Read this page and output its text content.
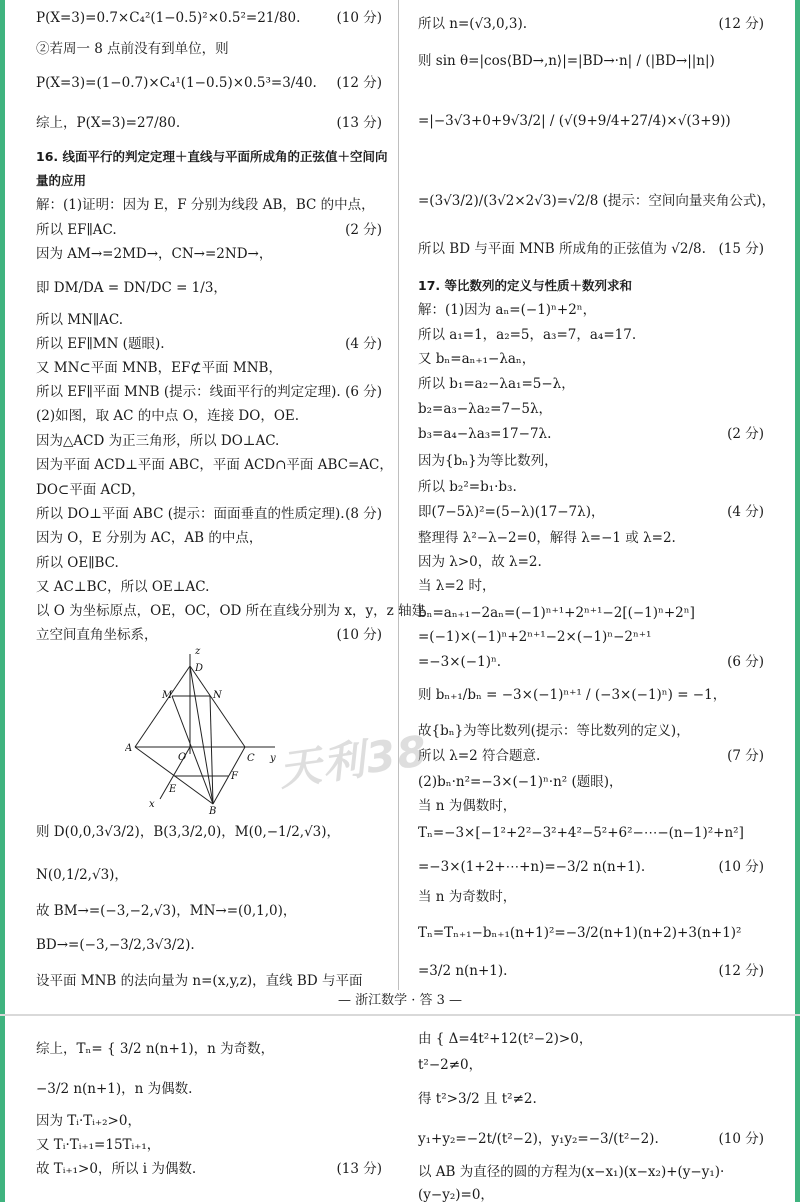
P(X=3)=0.7×C₄²(1−0.5)²×0.5²=21/80.	(10 分)
②若周一 8 点前没有到单位，则
P(X=3)=(1−0.7)×C₄¹(1−0.5)×0.5³=3/40. (12 分)
综上，P(X=3)=27/80.	(13 分)
16. 线面平行的判定定理＋直线与平面所成角的正弦值＋空间向
量的应用
解：(1)证明：因为 E，F 分别为线段 AB，BC 的中点，
所以 EF∥AC.	(2 分)
因为 AM→=2MD→，CN→=2ND→，
即 DM/DA = DN/DC = 1/3，
所以 MN∥AC.
所以 EF∥MN (题眼).	(4 分)
又 MN⊂平面 MNB，EF⊄平面 MNB，
所以 EF∥平面 MNB (提示：线面平行的判定定理). (6 分)
(2)如图，取 AC 的中点 O，连接 DO，OE.
因为△ACD 为正三角形，所以 DO⊥AC.
因为平面 ACD⊥平面 ABC，平面 ACD∩平面 ABC=AC，
DO⊂平面 ACD，
所以 DO⊥平面 ABC (提示：面面垂直的性质定理). (8 分)
因为 O，E 分别为 AC，AB 的中点，
所以 OE∥BC.
又 AC⊥BC，所以 OE⊥AC.
以 O 为坐标原点，OE，OC，OD 所在直线分别为 x，y，z 轴建
立空间直角坐标系，	(10 分)
则 D(0,0,3√3/2)，B(3,3/2,0)，M(0,−1/2,√3)，
N(0,1/2,√3)，
故 BM→=(−3,−2,√3)，MN→=(0,1,0)，
BD→=(−3,−3/2,3√3/2).
设平面 MNB 的法向量为 n=(x,y,z)，直线 BD 与平面
所以 n=(√3,0,3).	(12 分)
则 sin θ=|cos⟨BD→,n⟩|=|BD→·n| / (|BD→||n|)
=|−3√3+0+9√3/2| / (√(9+9/4+27/4)×√(3+9))
=(3√3/2)/(3√2×2√3)=√2/8 (提示：空间向量夹角公式)，
所以 BD 与平面 MNB 所成角的正弦值为 √2/8. (15 分)
17. 等比数列的定义与性质＋数列求和
解：(1)因为 aₙ=(−1)ⁿ+2ⁿ，
所以 a₁=1，a₂=5，a₃=7，a₄=17.
又 bₙ=aₙ₊₁−λaₙ，
所以 b₁=a₂−λa₁=5−λ，
b₂=a₃−λa₂=7−5λ，
b₃=a₄−λa₃=17−7λ.	(2 分)
因为{bₙ}为等比数列，
所以 b₂²=b₁·b₃.
即(7−5λ)²=(5−λ)(17−7λ)，	(4 分)
整理得 λ²−λ−2=0，解得 λ=−1 或 λ=2.
因为 λ>0，故 λ=2.
当 λ=2 时，
bₙ=aₙ₊₁−2aₙ=(−1)ⁿ⁺¹+2ⁿ⁺¹−2[(−1)ⁿ+2ⁿ]
=(−1)×(−1)ⁿ+2ⁿ⁺¹−2×(−1)ⁿ−2ⁿ⁺¹
=−3×(−1)ⁿ.	(6 分)
则 bₙ₊₁/bₙ = −3×(−1)ⁿ⁺¹ / (−3×(−1)ⁿ) = −1，
故{bₙ}为等比数列(提示：等比数列的定义)，
所以 λ=2 符合题意.	(7 分)
(2)bₙ·n²=−3×(−1)ⁿ·n² (题眼)，
当 n 为偶数时，
Tₙ=−3×[−1²+2²−3²+4²−5²+6²−⋯−(n−1)²+n²]
=−3×(1+2+⋯+n)=−3/2 n(n+1).	(10 分)
当 n 为奇数时，
Tₙ=Tₙ₊₁−bₙ₊₁(n+1)²=−3/2(n+1)(n+2)+3(n+1)²
=3/2 n(n+1).	(12 分)
z
D
M	N
A
O	C y
E
F
x
B
天利38
— 浙江数学 · 答 3 —
综上，Tₙ= { 3/2 n(n+1)，n 为奇数，
−3/2 n(n+1)，n 为偶数.
因为 Tᵢ·Tᵢ₊₂>0，
又 Tᵢ·Tᵢ₊₁=15Tᵢ₊₁，
故 Tᵢ₊₁>0，所以 i 为偶数.	(13 分)
由 { Δ=4t²+12(t²−2)>0，
t²−2≠0，
得 t²>3/2 且 t²≠2.
y₁+y₂=−2t/(t²−2)，y₁y₂=−3/(t²−2).	(10 分)
以 AB 为直径的圆的方程为(x−x₁)(x−x₂)+(y−y₁)·
(y−y₂)=0，
